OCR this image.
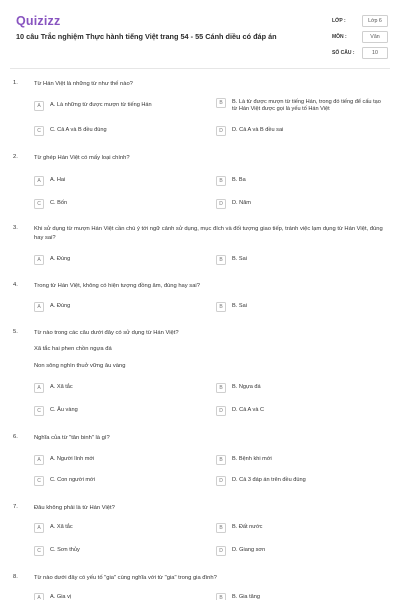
Quizizz
10 câu Trắc nghiệm Thực hành tiếng Việt trang 54 - 55 Cánh diều có đáp án
LỚP :	Lớp 6
MÔN :	Văn
SỐ CÂU :	10
1.	Từ Hán Việt là những từ như thế nào?
A	A. Là những từ được mượn từ tiếng Hán	B	B. Là từ được mượn từ tiếng Hán, trong đó tiếng để cấu tạo từ Hán Việt được gọi là yếu tố Hán Việt
C	C. Cả A và B đều đúng	D	D. Cả A và B đều sai
2.	Từ ghép Hán Việt có mấy loại chính?
A	A. Hai	B	B. Ba
C	C. Bốn	D	D. Năm
3.	Khi sử dụng từ mượn Hán Việt cần chú ý tới ngữ cảnh sử dụng, mục đích và đối tượng giao tiếp, tránh việc lạm dụng từ Hán Việt, đúng hay sai?
A	A. Đúng	B	B. Sai
4.	Trong từ Hán Việt, không có hiện tượng đồng âm, đúng hay sai?
A	A. Đúng	B	B. Sai
5.	Từ nào trong các câu dưới đây có sử dụng từ Hán Việt?
Xã tắc hai phen chồn ngựa đá
Non sông nghìn thuở vững âu vàng
A	A. Xã tắc	B	B. Ngựa đá
C	C. Âu vàng	D	D. Cả A và C
6.	Nghĩa của từ "tân binh" là gì?
A	A. Người lính mới	B	B. Bệnh khi mới
C	C. Con người mới	D	D. Cả 3 đáp án trên đều đúng
7.	Đâu không phải là từ Hán Việt?
A	A. Xã tắc	B	B. Đất nước
C	C. Sơn thủy	D	D. Giang sơn
8.	Từ nào dưới đây có yếu tố "gia" cùng nghĩa với từ "gia" trong gia đình?
A	A. Gia vị	B	B. Gia tăng
